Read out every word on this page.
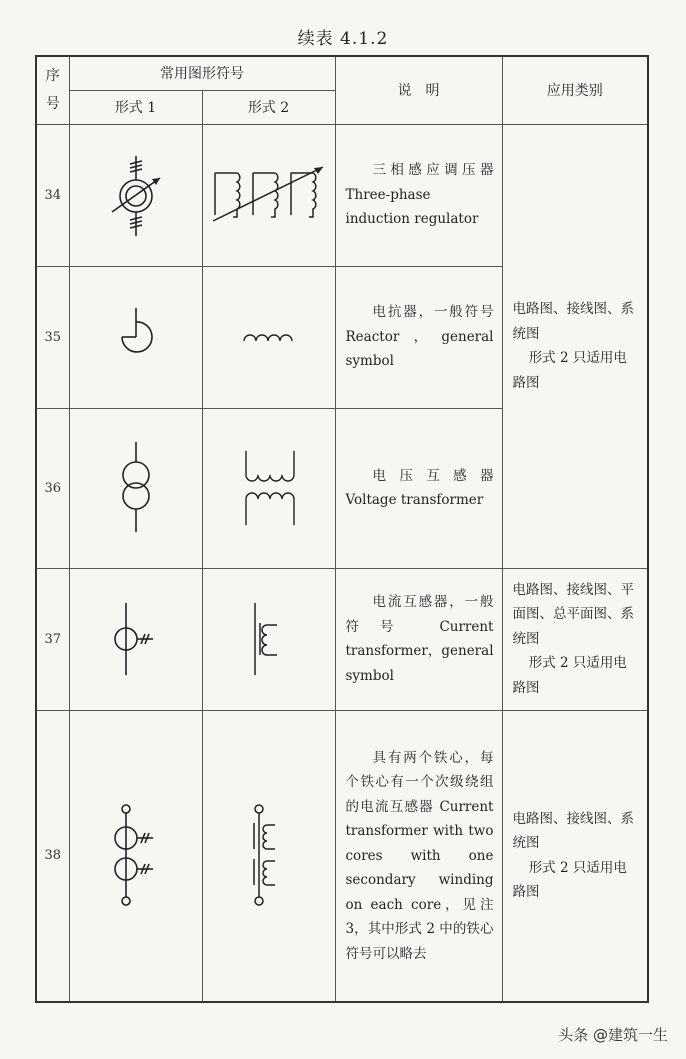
续表 4.1.2
序号	常用图形符号		说　明	应用类别
	形式 1	形式 2		
34			三相感应调压器 Three-phase induction regulator	电路图、接线图、系统图

形式 2 只适用电路图

35			电抗器，一般符号 Reactor，general symbol	

36			电压互感器 Voltage transformer	

37			电流互感器，一般符号 Current transformer，general symbol	电路图、接线图、平面图、总平面图、系统图

形式 2 只适用电路图

38			具有两个铁心，每个铁心有一个次级绕组的电流互感器 Current transformer with two cores with one secondary winding on each core，见注 3，其中形式 2 中的铁心符号可以略去	电路图、接线图、系统图

形式 2 只适用电路图

头条 @建筑一生
